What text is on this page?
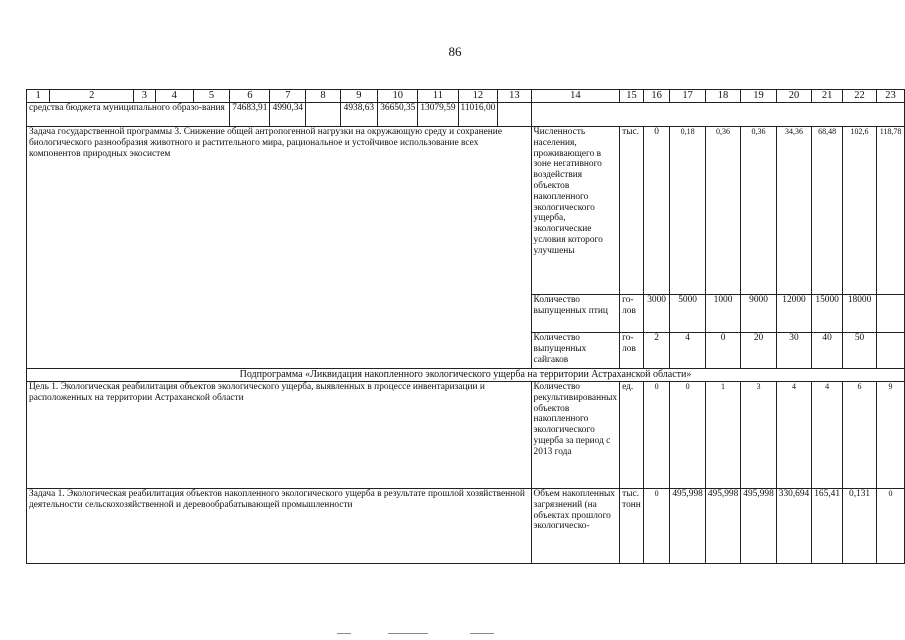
86
1	2	3	4	5	6	7	8	9	10	11	12	13	14	15	16	17	18	19	20	21	22	23
средства бюджета муниципального образо-вания					74683,91	4990,34		4938,63	36650,35	13079,59	11016,00											
Задача государственной программы 3. Снижение общей антропогенной нагрузки на окружающую среду и сохранение биологического разнообразия животного и растительного мира, рациональное и устойчивое использование всех компонентов природных экосистем													Численность населения, проживающего в зоне негативного воздействия объектов накопленного экологического ущерба, экологические условия которого улучшены	тыс.	0	0,18	0,36	0,36	34,36	68,48	102,6	118,78
													Количество выпущенных птиц	го-лов	3000	5000	1000	9000	12000	15000	18000	
													Количество выпущенных сайгаков	го-лов	2	4	0	20	30	40	50	
Подпрограмма «Ликвидация накопленного экологического ущерба на территории Астраханской области»																						
Цель 1. Экологическая реабилитация объектов экологического ущерба, выявленных в процессе инвентаризации и расположенных на территории Астраханской области													Количество рекультивированных объектов накопленного экологического ущерба за период с 2013 года	ед.	0	0	1	3	4	4	6	9
Задача 1. Экологическая реабилитация объектов накопленного экологического ущерба в результате прошлой хозяйственной деятельности сельскохозяйственной и деревообрабатывающей промышленности													Объем накопленных загрязнений (на объектах прошлого экологическо-	тыс. тонн	0	495,998	495,998	495,998	330,694	165,41	0,131	0
